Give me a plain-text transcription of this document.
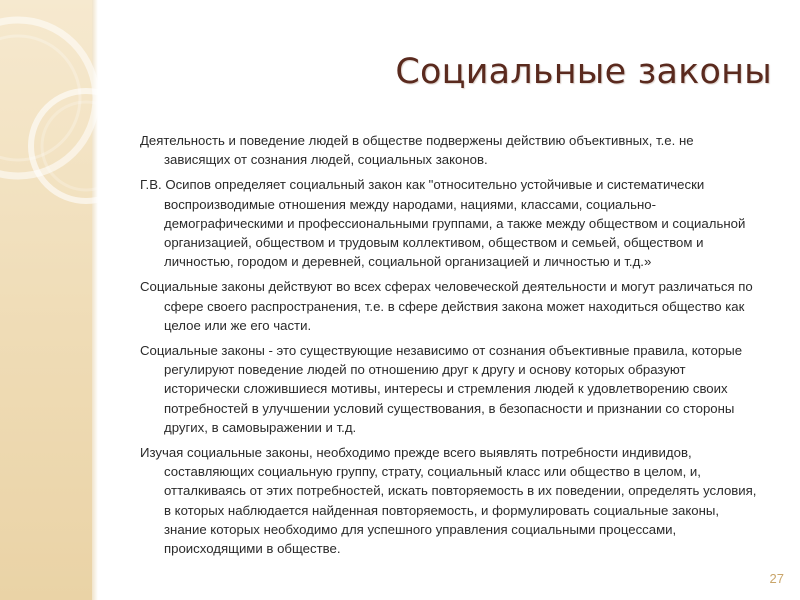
Социальные законы

Деятельность и поведение людей в обществе подвержены действию объективных, т.е. не зависящих от сознания людей, социальных законов.

Г.В. Осипов определяет социальный закон как "относительно устойчивые и систематически воспроизводимые отношения между народами, нациями, классами, социально-демографическими и профессиональными группами, а также между обществом и социальной организацией, обществом и трудовым коллективом, обществом и семьей, обществом и личностью, городом и деревней, социальной организацией и личностью и т.д.»

Социальные законы действуют во всех сферах человеческой деятельности и могут различаться по сфере своего распространения, т.е. в сфере действия закона может находиться общество как целое или же его части.

Социальные законы - это существующие независимо от сознания объективные правила, которые регулируют поведение людей по отношению друг к другу и основу которых образуют исторически сложившиеся мотивы, интересы и стремления людей к удовлетворению своих потребностей в улучшении условий существования, в безопасности и признании со стороны других, в самовыражении и т.д.

Изучая социальные законы, необходимо прежде всего выявлять потребности индивидов, составляющих социальную группу, страту, социальный класс или общество в целом, и, отталкиваясь от этих потребностей, искать повторяемость в их поведении, определять условия, в которых наблюдается найденная повторяемость, и формулировать социальные законы, знание которых необходимо для успешного управления социальными процессами, происходящими в обществе.

27
